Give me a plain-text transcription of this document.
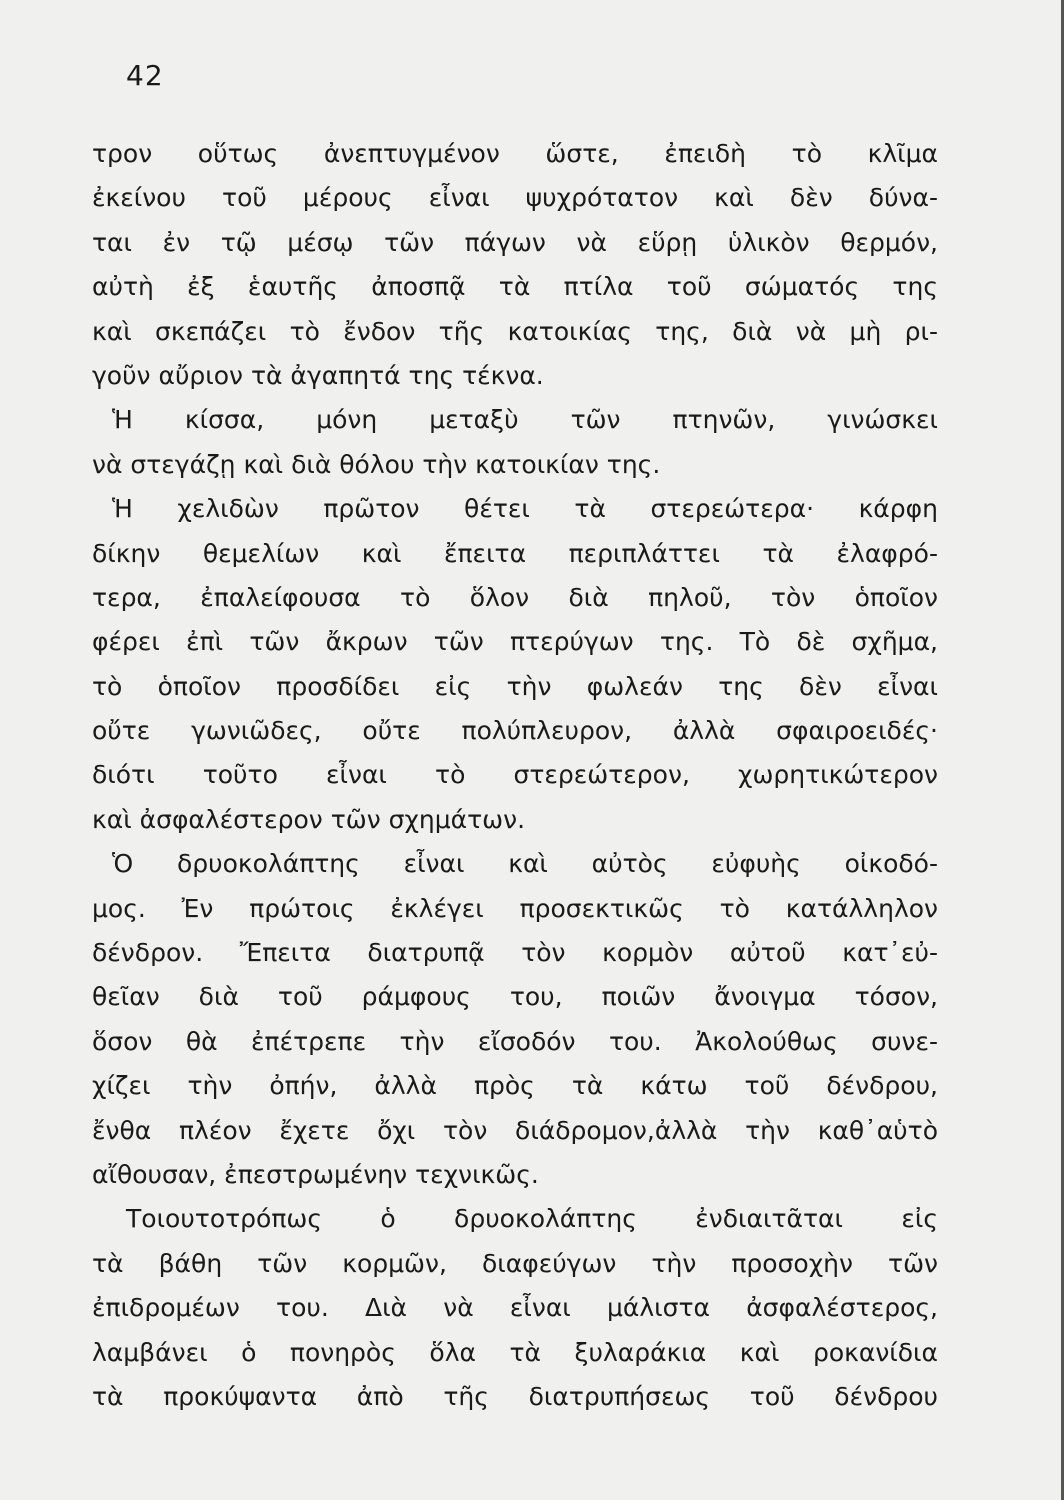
42
τρον οὕτως ἀνεπτυγμένον ὥστε, ἐπειδὴ τὸ κλῖμα
ἐκείνου τοῦ μέρους εἶναι ψυχρότατον καὶ δὲν δύνα-
ται ἐν τῷ μέσῳ τῶν πάγων νὰ εὕρῃ ὑλικὸν θερμόν,
αὐτὴ ἐξ ἑαυτῆς ἀποσπᾷ τὰ πτίλα τοῦ σώματός της
καὶ σκεπάζει τὸ ἔνδον τῆς κατοικίας της, διὰ νὰ μὴ ρι-
γοῦν αὔριον τὰ ἀγαπητά της τέκνα.
Ἡ κίσσα, μόνη μεταξὺ τῶν πτηνῶν, γινώσκει
νὰ στεγάζῃ καὶ διὰ θόλου τὴν κατοικίαν της.
Ἡ χελιδὼν πρῶτον θέτει τὰ στερεώτερα· κάρφη
δίκην θεμελίων καὶ ἔπειτα περιπλάττει τὰ ἐλαφρό-
τερα, ἐπαλείφουσα τὸ ὅλον διὰ πηλοῦ, τὸν ὁποῖον
φέρει ἐπὶ τῶν ἄκρων τῶν πτερύγων της. Τὸ δὲ σχῆμα,
τὸ ὁποῖον προσδίδει εἰς τὴν φωλεάν της δὲν εἶναι
οὔτε γωνιῶδες, οὔτε πολύπλευρον, ἀλλὰ σφαιροειδές·
διότι τοῦτο εἶναι τὸ στερεώτερον, χωρητικώτερον
καὶ ἀσφαλέστερον τῶν σχημάτων.
Ὁ δρυοκολάπτης εἶναι καὶ αὐτὸς εὐφυὴς οἰκοδό-
μος. Ἐν πρώτοις ἐκλέγει προσεκτικῶς τὸ κατάλληλον
δένδρον. Ἔπειτα διατρυπᾷ τὸν κορμὸν αὐτοῦ κατ᾽εὐ-
θεῖαν διὰ τοῦ ράμφους του, ποιῶν ἄνοιγμα τόσον,
ὅσον θὰ ἐπέτρεπε τὴν εἴσοδόν του. Ἀκολούθως συνε-
χίζει τὴν ὀπήν, ἀλλὰ πρὸς τὰ κάτω τοῦ δένδρου,
ἔνθα πλέον ἔχετε ὄχι τὸν διάδρομον,ἀλλὰ τὴν καθ᾽αὑτὸ
αἴθουσαν, ἐπεστρωμένην τεχνικῶς.
Τοιουτοτρόπως ὁ δρυοκολάπτης ἐνδιαιτᾶται εἰς
τὰ βάθη τῶν κορμῶν, διαφεύγων τὴν προσοχὴν τῶν
ἐπιδρομέων του. Διὰ νὰ εἶναι μάλιστα ἀσφαλέστερος,
λαμβάνει ὁ πονηρὸς ὅλα τὰ ξυλαράκια καὶ ροκανίδια
τὰ προκύψαντα ἀπὸ τῆς διατρυπήσεως τοῦ δένδρου
